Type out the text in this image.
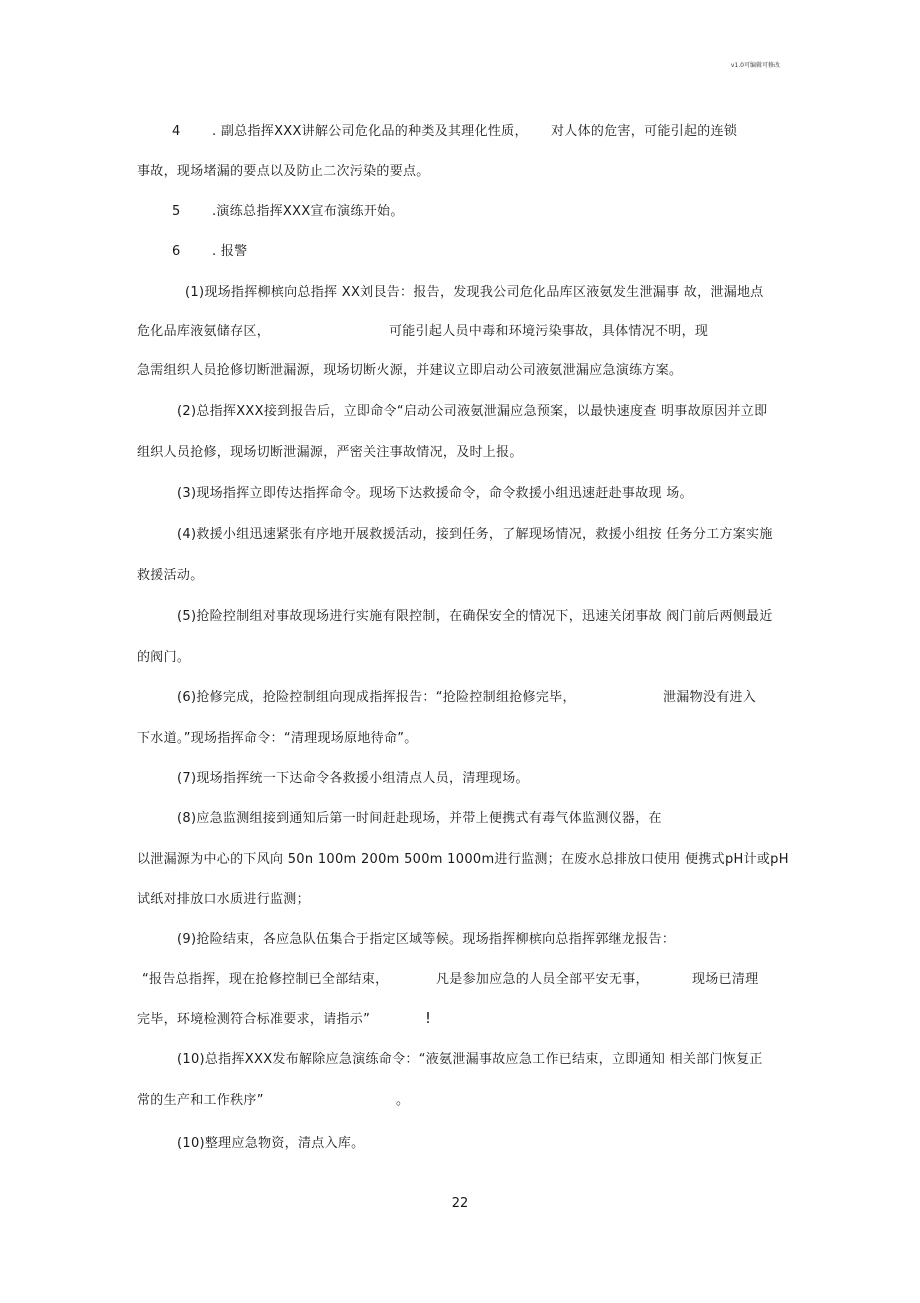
v1.0可编辑可修改
4 . 副总指挥XXX讲解公司危化品的种类及其理化性质， 对人体的危害，可能引起的连锁
事故，现场堵漏的要点以及防止二次污染的要点。
5 .演练总指挥XXX宣布演练开始。
6 . 报警
(1)现场指挥柳槟向总指挥 XX刘艮告：报告，发现我公司危化品库区液氨发生泄漏事 故，泄漏地点
危化品库液氨储存区，	可能引起人员中毒和环境污染事故，具体情况不明，现
急需组织人员抢修切断泄漏源，现场切断火源，并建议立即启动公司液氨泄漏应急演练方案。
(2)总指挥XXX接到报告后，立即命令“启动公司液氨泄漏应急预案，以最快速度查 明事故原因并立即
组织人员抢修，现场切断泄漏源，严密关注事故情况，及时上报。
(3)现场指挥立即传达指挥命令。现场下达救援命令，命令救援小组迅速赶赴事故现 场。
(4)救援小组迅速紧张有序地开展救援活动，接到任务，了解现场情况，救援小组按 任务分工方案实施
救援活动。
(5)抢险控制组对事故现场进行实施有限控制，在确保安全的情况下，迅速关闭事故 阀门前后两侧最近
的阀门。
(6)抢修完成，抢险控制组向现成指挥报告：“抢险控制组抢修完毕，	泄漏物没有进入
下水道。”现场指挥命令：“清理现场原地待命”。
(7)现场指挥统一下达命令各救援小组清点人员，清理现场。
(8)应急监测组接到通知后第一时间赶赴现场，并带上便携式有毒气体监测仪器，在
以泄漏源为中心的下风向 50n 100m 200m 500m 1000m进行监测；在废水总排放口使用 便携式pH计或pH
试纸对排放口水质进行监测；
(9)抢险结束，各应急队伍集合于指定区域等候。现场指挥柳槟向总指挥郭继龙报告：
“报告总指挥，现在抢修控制已全部结束，	凡是参加应急的人员全部平安无事，	现场已清理
完毕，环境检测符合标准要求，请指示”	!
(10)总指挥XXX发布解除应急演练命令：“液氨泄漏事故应急工作已结束，立即通知 相关部门恢复正
常的生产和工作秩序”	。
(10)整理应急物资，清点入库。
22
